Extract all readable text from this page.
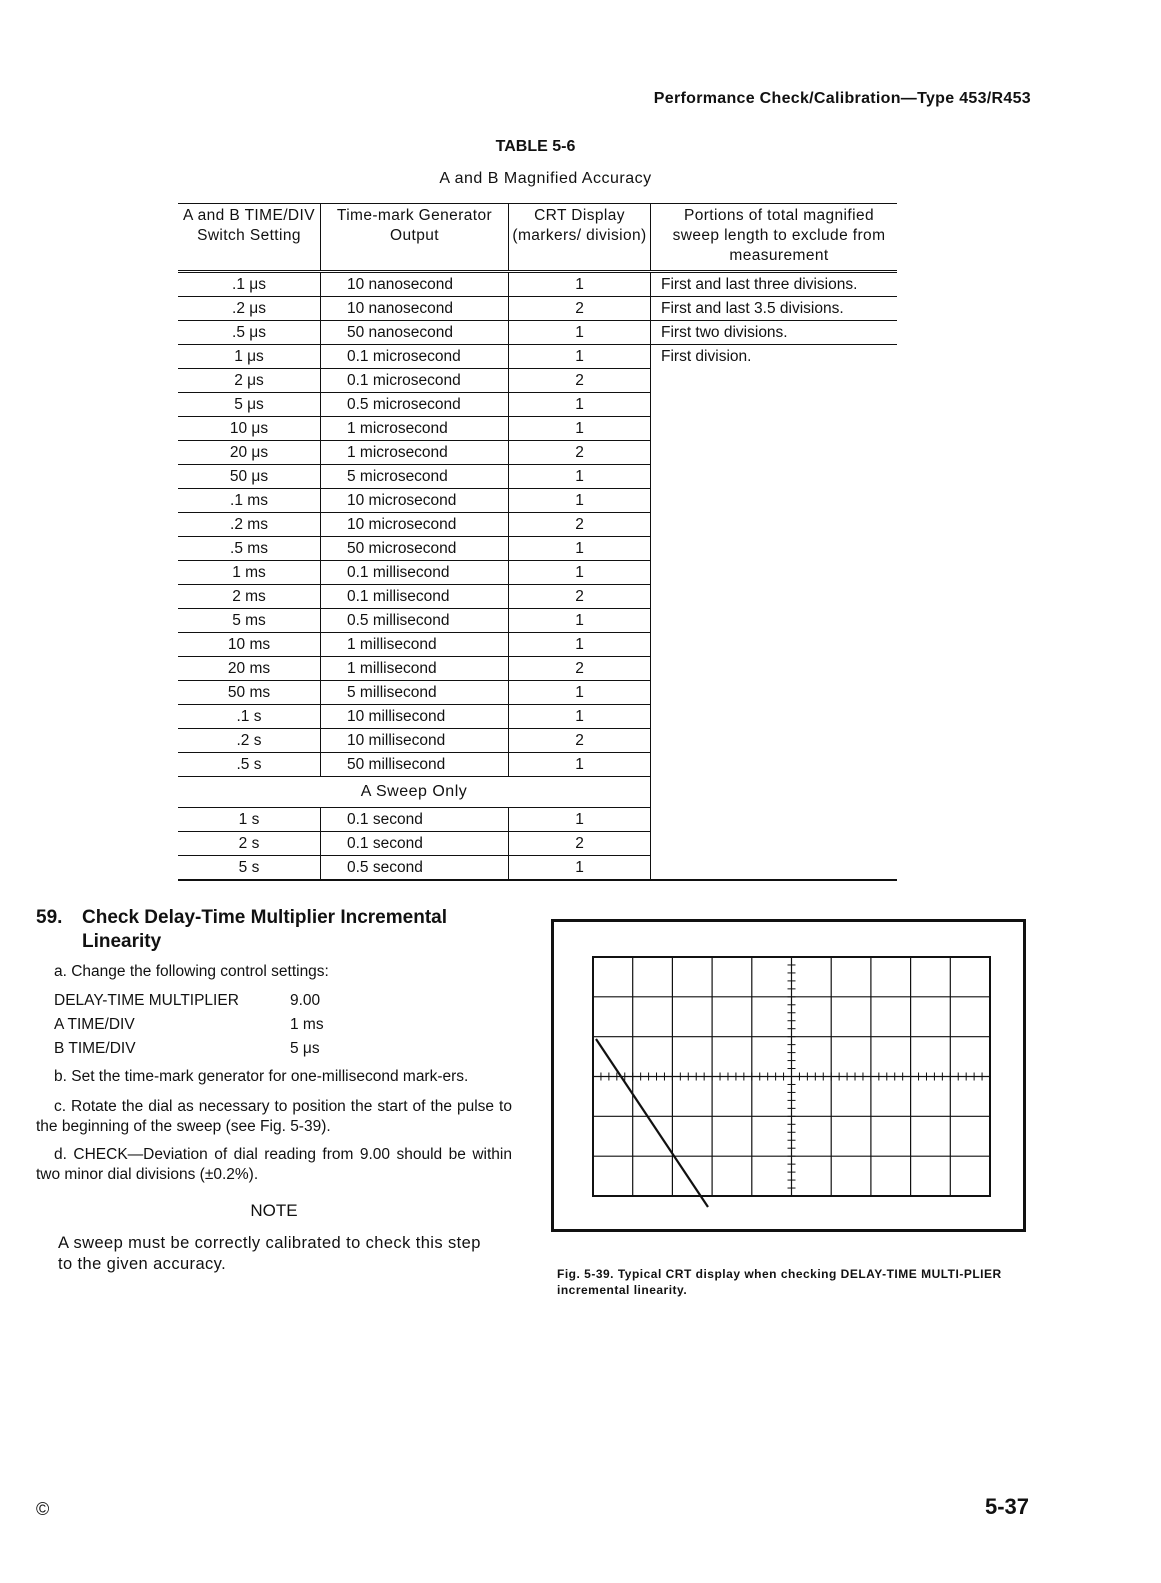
Performance Check/Calibration—Type 453/R453
TABLE 5-6
A and B Magnified Accuracy
A and B TIME/DIV Switch Setting	Time-mark Generator Output	CRT Display (markers/ division)	Portions of total magnified sweep length to exclude from measurement
.1 μs	10 nanosecond	1	First and last three divisions.
.2 μs	10 nanosecond	2	First and last 3.5 divisions.
.5 μs	50 nanosecond	1	First two divisions.
1 μs	0.1 microsecond	1	First division.
2 μs	0.1 microsecond	2	
5 μs	0.5 microsecond	1	
10 μs	1 microsecond	1	
20 μs	1 microsecond	2	
50 μs	5 microsecond	1	
.1 ms	10 microsecond	1	
.2 ms	10 microsecond	2	
.5 ms	50 microsecond	1	
1 ms	0.1 millisecond	1	
2 ms	0.1 millisecond	2	
5 ms	0.5 millisecond	1	
10 ms	1 millisecond	1	
20 ms	1 millisecond	2	
50 ms	5 millisecond	1	
.1 s	10 millisecond	1	
.2 s	10 millisecond	2	
.5 s	50 millisecond	1	
A Sweep Only			
1 s	0.1 second	1	
2 s	0.1 second	2	
5 s	0.5 second	1	
59.	Check Delay-Time Multiplier Incremental Linearity
a. Change the following control settings:
DELAY-TIME MULTIPLIER	9.00
A TIME/DIV	1 ms
B TIME/DIV	5 μs
b. Set the time-mark generator for one-millisecond mark-ers.
c. Rotate the dial as necessary to position the start of the pulse to the beginning of the sweep (see Fig. 5-39).
d. CHECK—Deviation of dial reading from 9.00 should be within two minor dial divisions (±0.2%).
NOTE
A sweep must be correctly calibrated to check this step to the given accuracy.
Fig. 5-39. Typical CRT display when checking DELAY-TIME MULTI-PLIER incremental linearity.
©	5-37
